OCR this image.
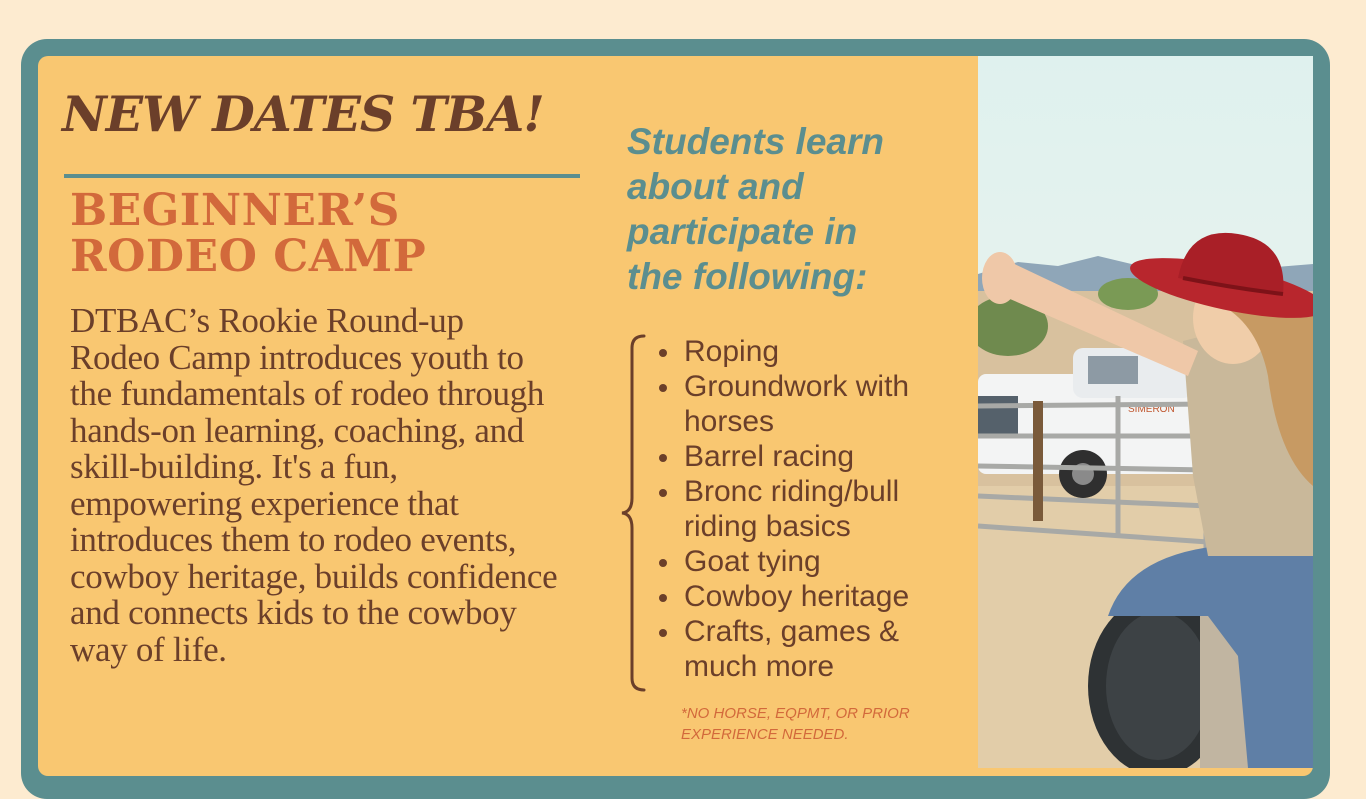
NEW DATES TBA!
BEGINNER’S
RODEO CAMP

DTBAC’s Rookie Round-up Rodeo Camp introduces youth to the fundamentals of rodeo through hands-on learning, coaching, and skill-building. It's a fun, empowering experience that introduces them to rodeo events, cowboy heritage, builds confidence and connects kids to the cowboy way of life.

Students learn
about and
participate in
the following:
Roping
Groundwork with horses
Barrel racing
Bronc riding/bull riding basics
Goat tying
Cowboy heritage
Crafts, games & much more

*NO HORSE, EQPMT, OR PRIOR EXPERIENCE NEEDED.

SIMERON
